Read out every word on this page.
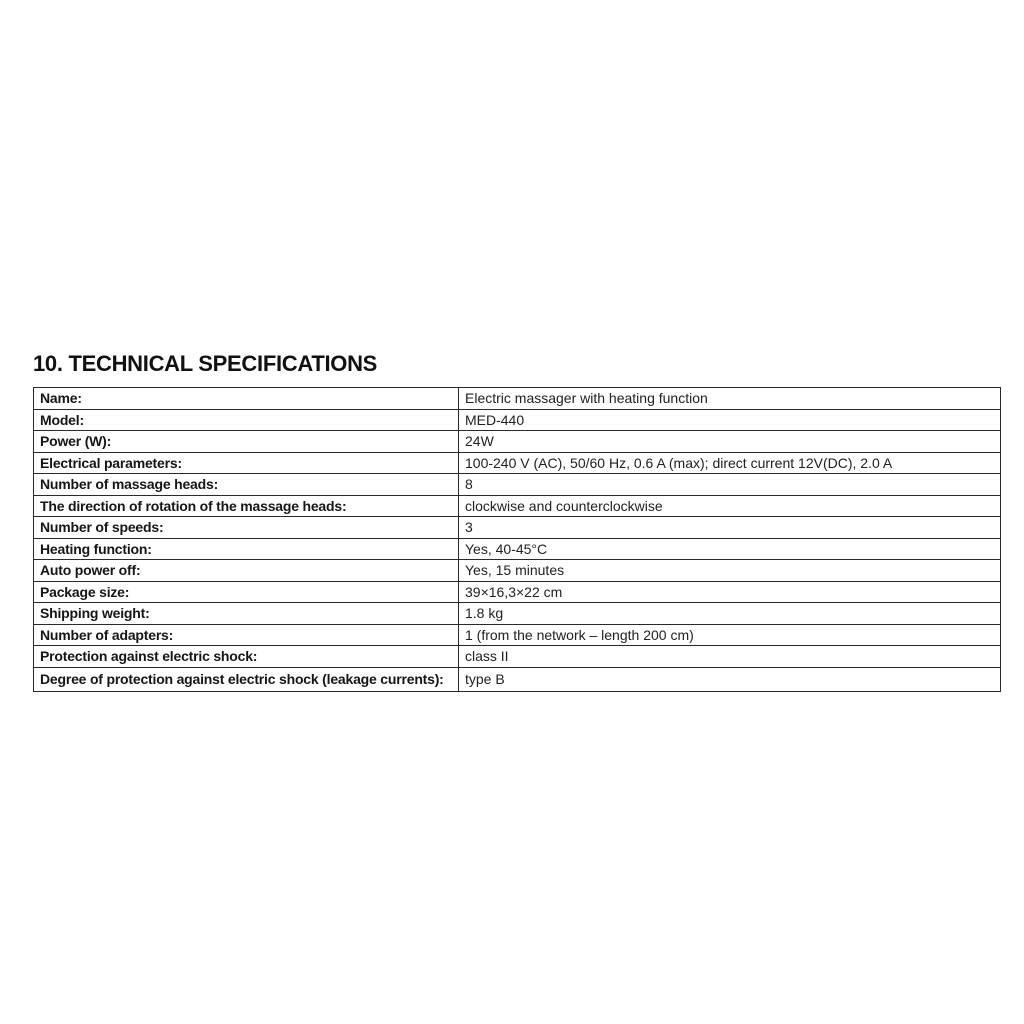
10. TECHNICAL SPECIFICATIONS
Name:	Electric massager with heating function
Model:	MED-440
Power (W):	24W
Electrical parameters:	100-240 V (AC), 50/60 Hz, 0.6 A (max); direct current 12V(DC), 2.0 A
Number of massage heads:	8
The direction of rotation of the massage heads:	clockwise and counterclockwise
Number of speeds:	3
Heating function:	Yes, 40-45°C
Auto power off:	Yes, 15 minutes
Package size:	39×16,3×22 cm
Shipping weight:	1.8 kg
Number of adapters:	1 (from the network – length 200 cm)
Protection against electric shock:	class II
Degree of protection against electric shock (leakage currents):	type B
